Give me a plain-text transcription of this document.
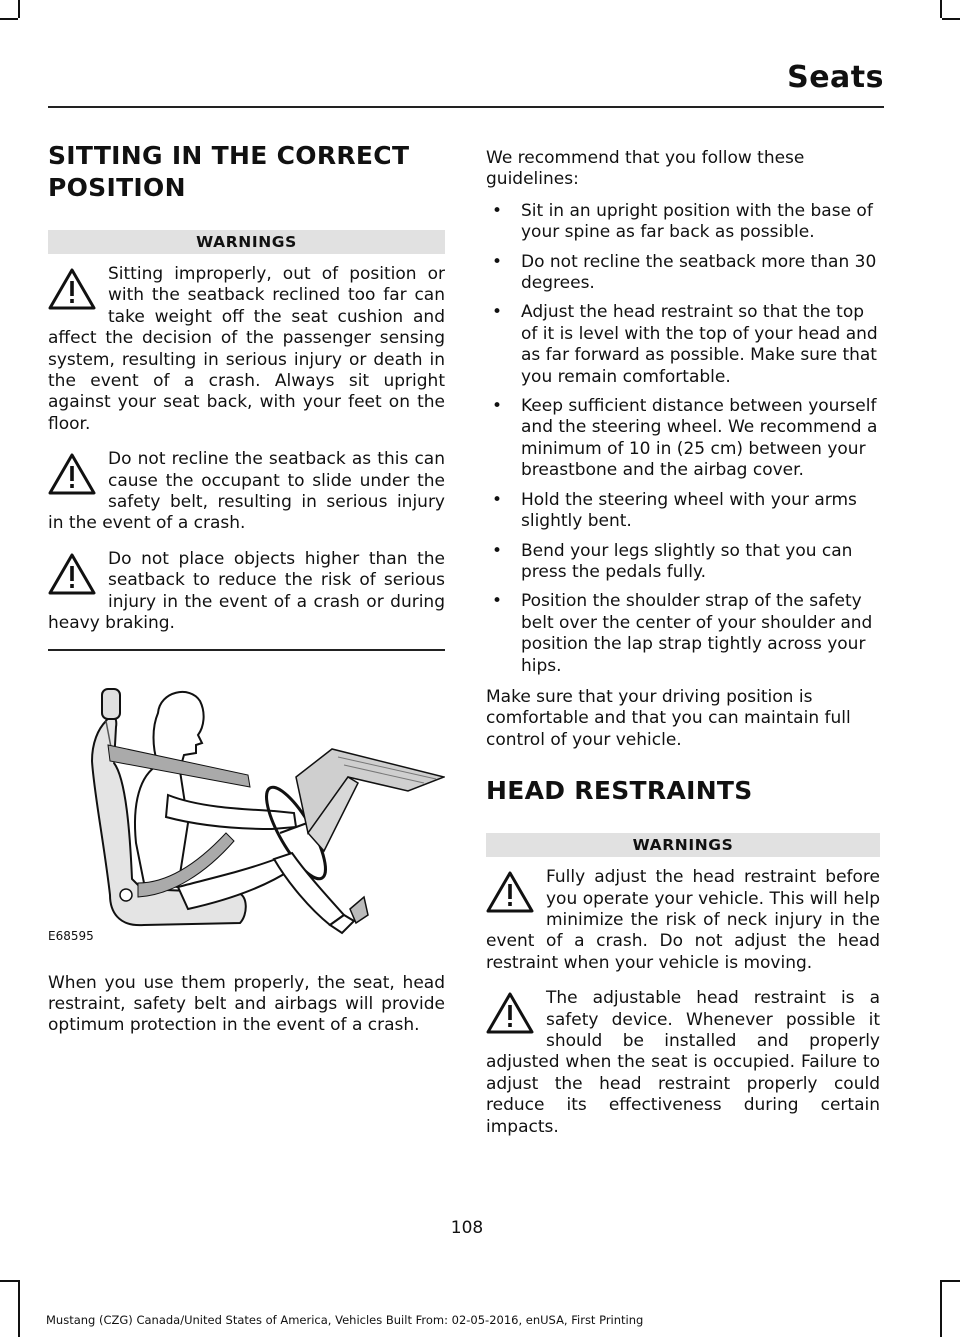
Seats
SITTING IN THE CORRECT POSITION
WARNINGS

Sitting improperly, out of position or with the seatback reclined too far can take weight off the seat cushion and affect the decision of the passenger sensing system, resulting in serious injury or death in the event of a crash. Always sit upright against your seat back, with your feet on the floor.

Do not recline the seatback as this can cause the occupant to slide under the safety belt, resulting in serious injury in the event of a crash.

Do not place objects higher than the seatback to reduce the risk of serious injury in the event of a crash or during heavy braking.

E68595

When you use them properly, the seat, head restraint, safety belt and airbags will provide optimum protection in the event of a crash.

We recommend that you follow these guidelines:

• Sit in an upright position with the base of your spine as far back as possible.
• Do not recline the seatback more than 30 degrees.
• Adjust the head restraint so that the top of it is level with the top of your head and as far forward as possible. Make sure that you remain comfortable.
• Keep sufficient distance between yourself and the steering wheel. We recommend a minimum of 10 in (25 cm) between your breastbone and the airbag cover.
• Hold the steering wheel with your arms slightly bent.
• Bend your legs slightly so that you can press the pedals fully.
• Position the shoulder strap of the safety belt over the center of your shoulder and position the lap strap tightly across your hips.

Make sure that your driving position is comfortable and that you can maintain full control of your vehicle.

HEAD RESTRAINTS
WARNINGS

Fully adjust the head restraint before you operate your vehicle. This will help minimize the risk of neck injury in the event of a crash. Do not adjust the head restraint when your vehicle is moving.

The adjustable head restraint is a safety device. Whenever possible it should be installed and properly adjusted when the seat is occupied. Failure to adjust the head restraint properly could reduce its effectiveness during certain impacts.

108
Mustang (CZG) Canada/United States of America, Vehicles Built From: 02-05-2016, enUSA, First Printing
